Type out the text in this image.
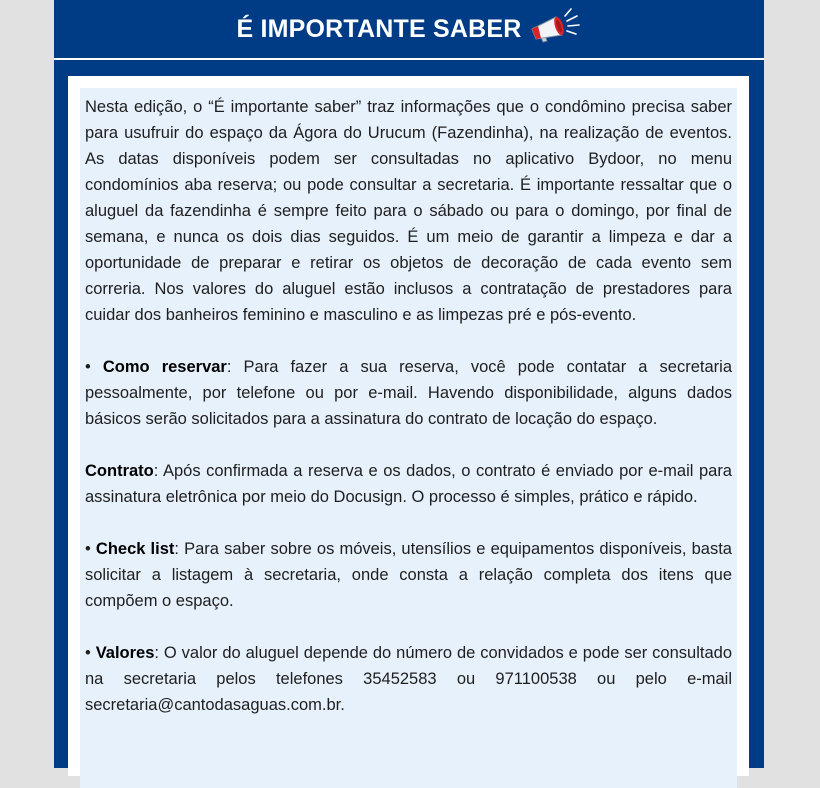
É IMPORTANTE SABER

Nesta edição, o “É importante saber” traz informações que o condômino precisa saber para usufruir do espaço da Ágora do Urucum (Fazendinha), na realização de eventos. As datas disponíveis podem ser consultadas no aplicativo Bydoor, no menu condomínios aba reserva; ou pode consultar a secretaria. É importante ressaltar que o aluguel da fazendinha é sempre feito para o sábado ou para o domingo, por final de semana, e nunca os dois dias seguidos. É um meio de garantir a limpeza e dar a oportunidade de preparar e retirar os objetos de decoração de cada evento sem correria. Nos valores do aluguel estão inclusos a contratação de prestadores para cuidar dos banheiros feminino e masculino e as limpezas pré e pós-evento.

• Como reservar: Para fazer a sua reserva, você pode contatar a secretaria pessoalmente, por telefone ou por e-mail. Havendo disponibilidade, alguns dados básicos serão solicitados para a assinatura do contrato de locação do espaço.

Contrato: Após confirmada a reserva e os dados, o contrato é enviado por e-mail para assinatura eletrônica por meio do Docusign. O processo é simples, prático e rápido.

• Check list: Para saber sobre os móveis, utensílios e equipamentos disponíveis, basta solicitar a listagem à secretaria, onde consta a relação completa dos itens que compõem o espaço.

• Valores: O valor do aluguel depende do número de convidados e pode ser consultado na secretaria pelos telefones 35452583 ou 971100538 ou pelo e-mail secretaria@cantodasaguas.com.br.
